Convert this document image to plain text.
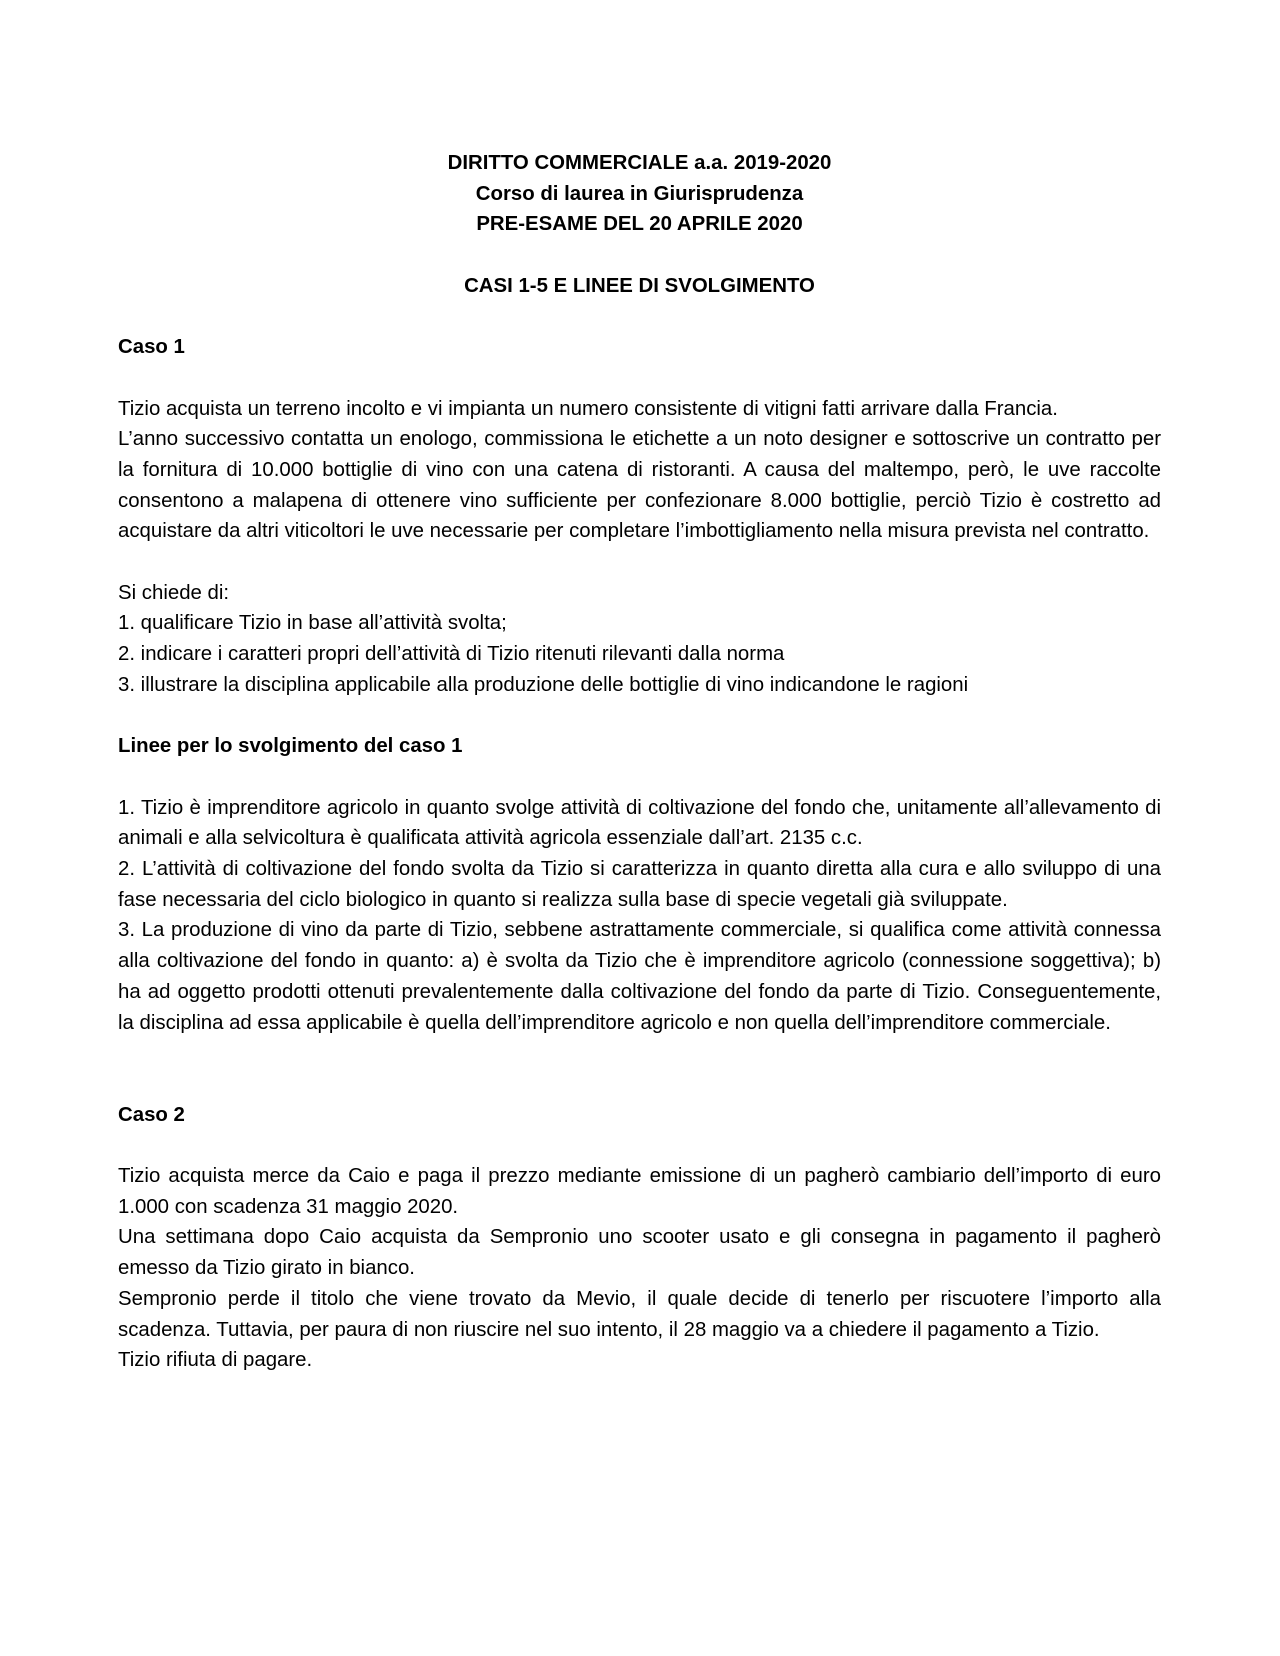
DIRITTO COMMERCIALE a.a. 2019-2020
Corso di laurea in Giurisprudenza
PRE-ESAME DEL 20 APRILE 2020
CASI 1-5 E LINEE DI SVOLGIMENTO
Caso 1
Tizio acquista un terreno incolto e vi impianta un numero consistente di vitigni fatti arrivare dalla Francia.
L’anno successivo contatta un enologo, commissiona le etichette a un noto designer e sottoscrive un contratto per la fornitura di 10.000 bottiglie di vino con una catena di ristoranti. A causa del maltempo, però, le uve raccolte consentono a malapena di ottenere vino sufficiente per confezionare 8.000 bottiglie, perciò Tizio è costretto ad acquistare da altri viticoltori le uve necessarie per completare l’imbottigliamento nella misura prevista nel contratto.
Si chiede di:
1. qualificare Tizio in base all’attività svolta;
2. indicare i caratteri propri dell’attività di Tizio ritenuti rilevanti dalla norma
3. illustrare la disciplina applicabile alla produzione delle bottiglie di vino indicandone le ragioni
Linee per lo svolgimento del caso 1
1. Tizio è imprenditore agricolo in quanto svolge attività di coltivazione del fondo che, unitamente all’allevamento di animali e alla selvicoltura è qualificata attività agricola essenziale dall’art. 2135 c.c.
2. L’attività di coltivazione del fondo svolta da Tizio si caratterizza in quanto diretta alla cura e allo sviluppo di una fase necessaria del ciclo biologico in quanto si realizza sulla base di specie vegetali già sviluppate.
3. La produzione di vino da parte di Tizio, sebbene astrattamente commerciale, si qualifica come attività connessa alla coltivazione del fondo in quanto: a) è svolta da Tizio che è imprenditore agricolo (connessione soggettiva); b) ha ad oggetto prodotti ottenuti prevalentemente dalla coltivazione del fondo da parte di Tizio. Conseguentemente, la disciplina ad essa applicabile è quella dell’imprenditore agricolo e non quella dell’imprenditore commerciale.
Caso 2
Tizio acquista merce da Caio e paga il prezzo mediante emissione di un pagherò cambiario dell’importo di euro 1.000 con scadenza 31 maggio 2020.
Una settimana dopo Caio acquista da Sempronio uno scooter usato e gli consegna in pagamento il pagherò emesso da Tizio girato in bianco.
Sempronio perde il titolo che viene trovato da Mevio, il quale decide di tenerlo per riscuotere l’importo alla scadenza. Tuttavia, per paura di non riuscire nel suo intento, il 28 maggio va a chiedere il pagamento a Tizio.
Tizio rifiuta di pagare.
